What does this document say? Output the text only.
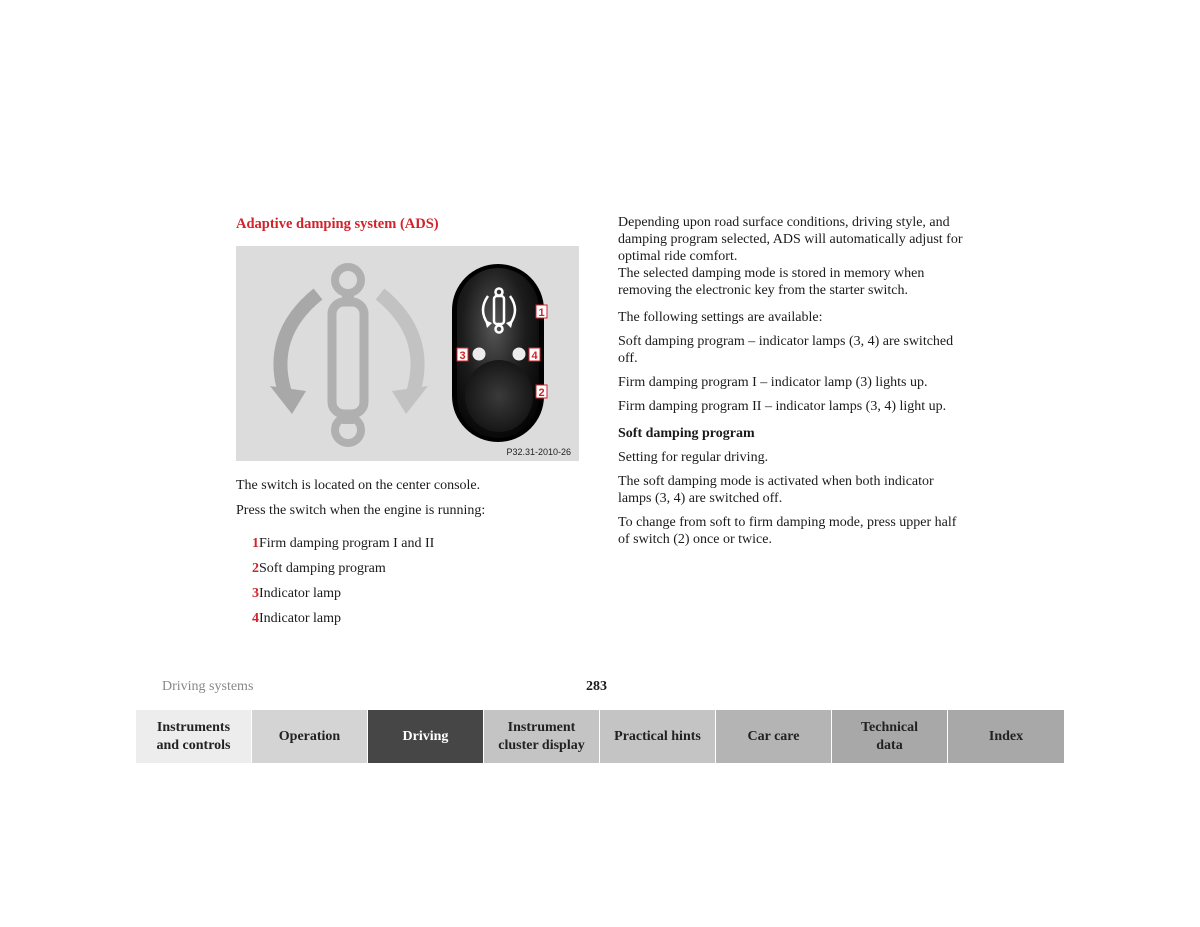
Adaptive damping system (ADS)
1
2
3	4
P32.31-2010-26

The switch is located on the center console.

Press the switch when the engine is running:

1 Firm damping program I and II
2 Soft damping program
3 Indicator lamp
4 Indicator lamp

Depending upon road surface conditions, driving style, and damping program selected, ADS will automatically adjust for optimal ride comfort.

The selected damping mode is stored in memory when removing the electronic key from the starter switch.

The following settings are available:

Soft damping program – indicator lamps (3, 4) are switched off.

Firm damping program I – indicator lamp (3) lights up.

Firm damping program II – indicator lamps (3, 4) light up.

Soft damping program

Setting for regular driving.

The soft damping mode is activated when both indicator lamps (3, 4) are switched off.

To change from soft to firm damping mode, press upper half of switch (2) once or twice.

Driving systems	283
Instruments
and controls
Operation	Driving
Instrument
cluster display
Practical hints	Car care
Technical
data
Index
